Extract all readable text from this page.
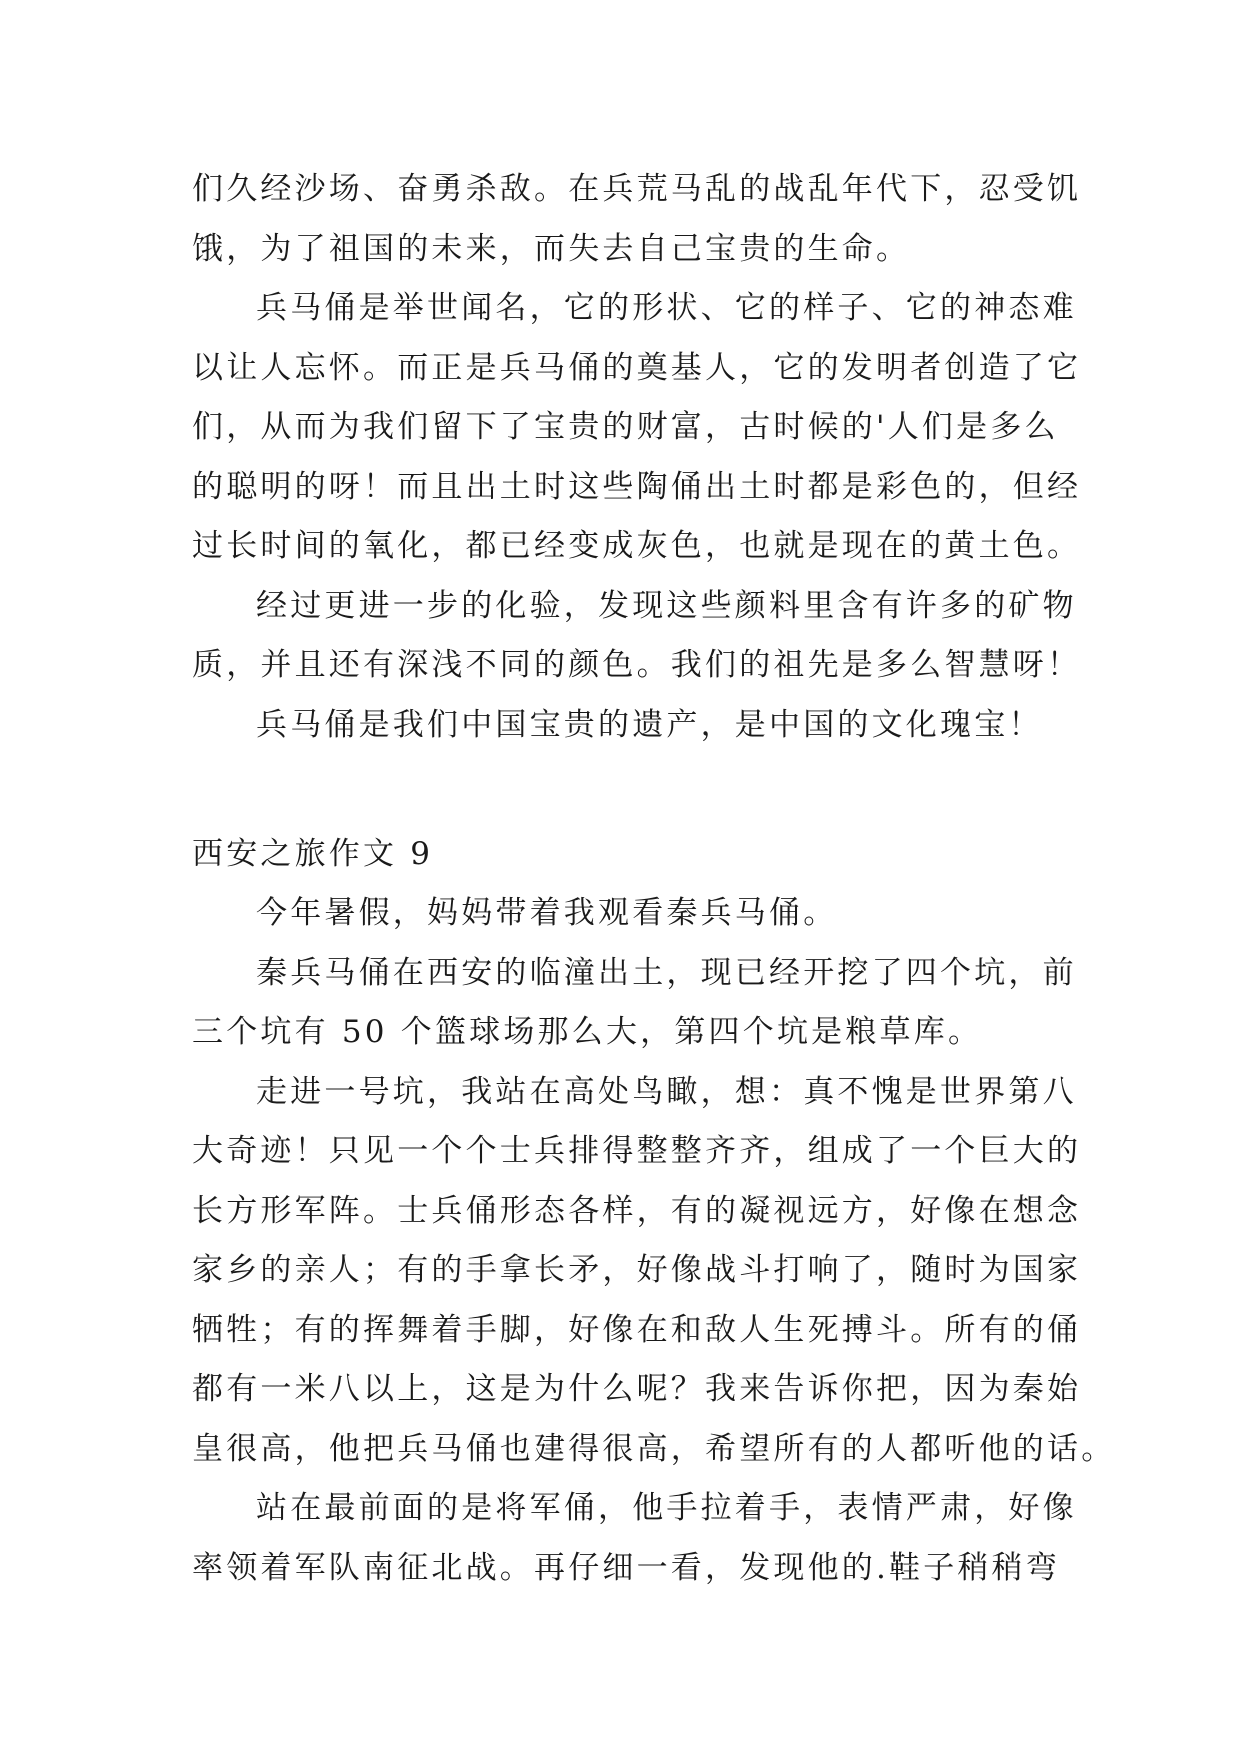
们久经沙场、奋勇杀敌。在兵荒马乱的战乱年代下，忍受饥
饿，为了祖国的未来，而失去自己宝贵的生命。
兵马俑是举世闻名，它的形状、它的样子、它的神态难
以让人忘怀。而正是兵马俑的奠基人，它的发明者创造了它
们，从而为我们留下了宝贵的财富，古时候的'人们是多么
的聪明的呀！而且出土时这些陶俑出土时都是彩色的，但经
过长时间的氧化，都已经变成灰色，也就是现在的黄土色。
经过更进一步的化验，发现这些颜料里含有许多的矿物
质，并且还有深浅不同的颜色。我们的祖先是多么智慧呀！
兵马俑是我们中国宝贵的遗产，是中国的文化瑰宝！
西安之旅作文 9
今年暑假，妈妈带着我观看秦兵马俑。
秦兵马俑在西安的临潼出土，现已经开挖了四个坑，前
三个坑有 50 个篮球场那么大，第四个坑是粮草库。
走进一号坑，我站在高处鸟瞰，想：真不愧是世界第八
大奇迹！只见一个个士兵排得整整齐齐，组成了一个巨大的
长方形军阵。士兵俑形态各样，有的凝视远方，好像在想念
家乡的亲人；有的手拿长矛，好像战斗打响了，随时为国家
牺牲；有的挥舞着手脚，好像在和敌人生死搏斗。所有的俑
都有一米八以上，这是为什么呢？我来告诉你把，因为秦始
皇很高，他把兵马俑也建得很高，希望所有的人都听他的话。
站在最前面的是将军俑，他手拉着手，表情严肃，好像
率领着军队南征北战。再仔细一看，发现他的.鞋子稍稍弯
